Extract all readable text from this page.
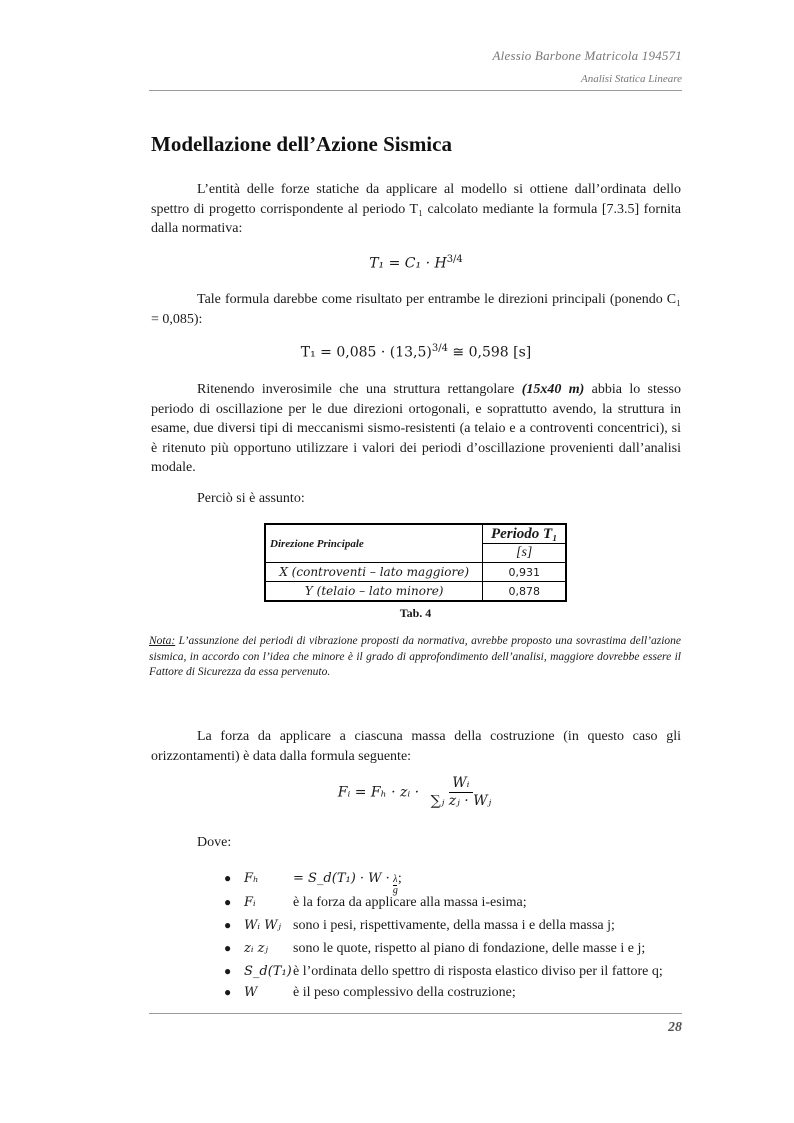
Alessio Barbone Matricola 194571
Analisi Statica Lineare
Modellazione dell’Azione Sismica

L’entità delle forze statiche da applicare al modello si ottiene dall’ordinata dello spettro di progetto corrispondente al periodo T₁ calcolato mediante la formula [7.3.5] fornita dalla normativa:

$T_1 = C_1 \cdot H^{3/4}$

Tale formula darebbe come risultato per entrambe le direzioni principali (ponendo C₁ = 0,085):

$T_1 = 0,085 \cdot (13,5)^{3/4}$ ≅ 0,598 [s]

Ritenendo inverosimile che una struttura rettangolare (15x40 m) abbia lo stesso periodo di oscillazione per le due direzioni ortogonali, e soprattutto avendo, la struttura in esame, due diversi tipi di meccanismi sismo-resistenti (a telaio e a controventi concentrici), si è ritenuto più opportuno utilizzare i valori dei periodi d’oscillazione provenienti dall’analisi modale.

Perciò si è assunto:

Direzione Principale	Periodo T₁
	[s]
X (controventi – lato maggiore)	0,931
Y (telaio – lato minore)	0,878
Tab. 4

Nota: L’assunzione dei periodi di vibrazione proposti da normativa, avrebbe proposto una sovrastima dell’azione sismica, in accordo con l’idea che minore è il grado di approfondimento dell’analisi, maggiore dovrebbe essere il Fattore di Sicurezza da essa pervenuto.

La forza da applicare a ciascuna massa della costruzione (in questo caso gli orizzontamenti) è data dalla formula seguente:

Fᵢ = Fₕ · zᵢ · $\frac{\text{Wᵢ}}{\text{∑ⱼ zⱼ · Wⱼ}}$

Dove:

● Fₕ	= S_d(T₁) · $W \cdot \frac{\lambda}{g}$ ;
● Fᵢ	è la forza da applicare alla massa i-esima;
● Wᵢ Wⱼ sono i pesi, rispettivamente, della massa i e della massa j;
● zᵢ zⱼ	sono le quote, rispetto al piano di fondazione, delle masse i e j;
● S_d(T₁) è l’ordinata dello spettro di risposta elastico diviso per il fattore q;
● W	è il peso complessivo della costruzione;
28
